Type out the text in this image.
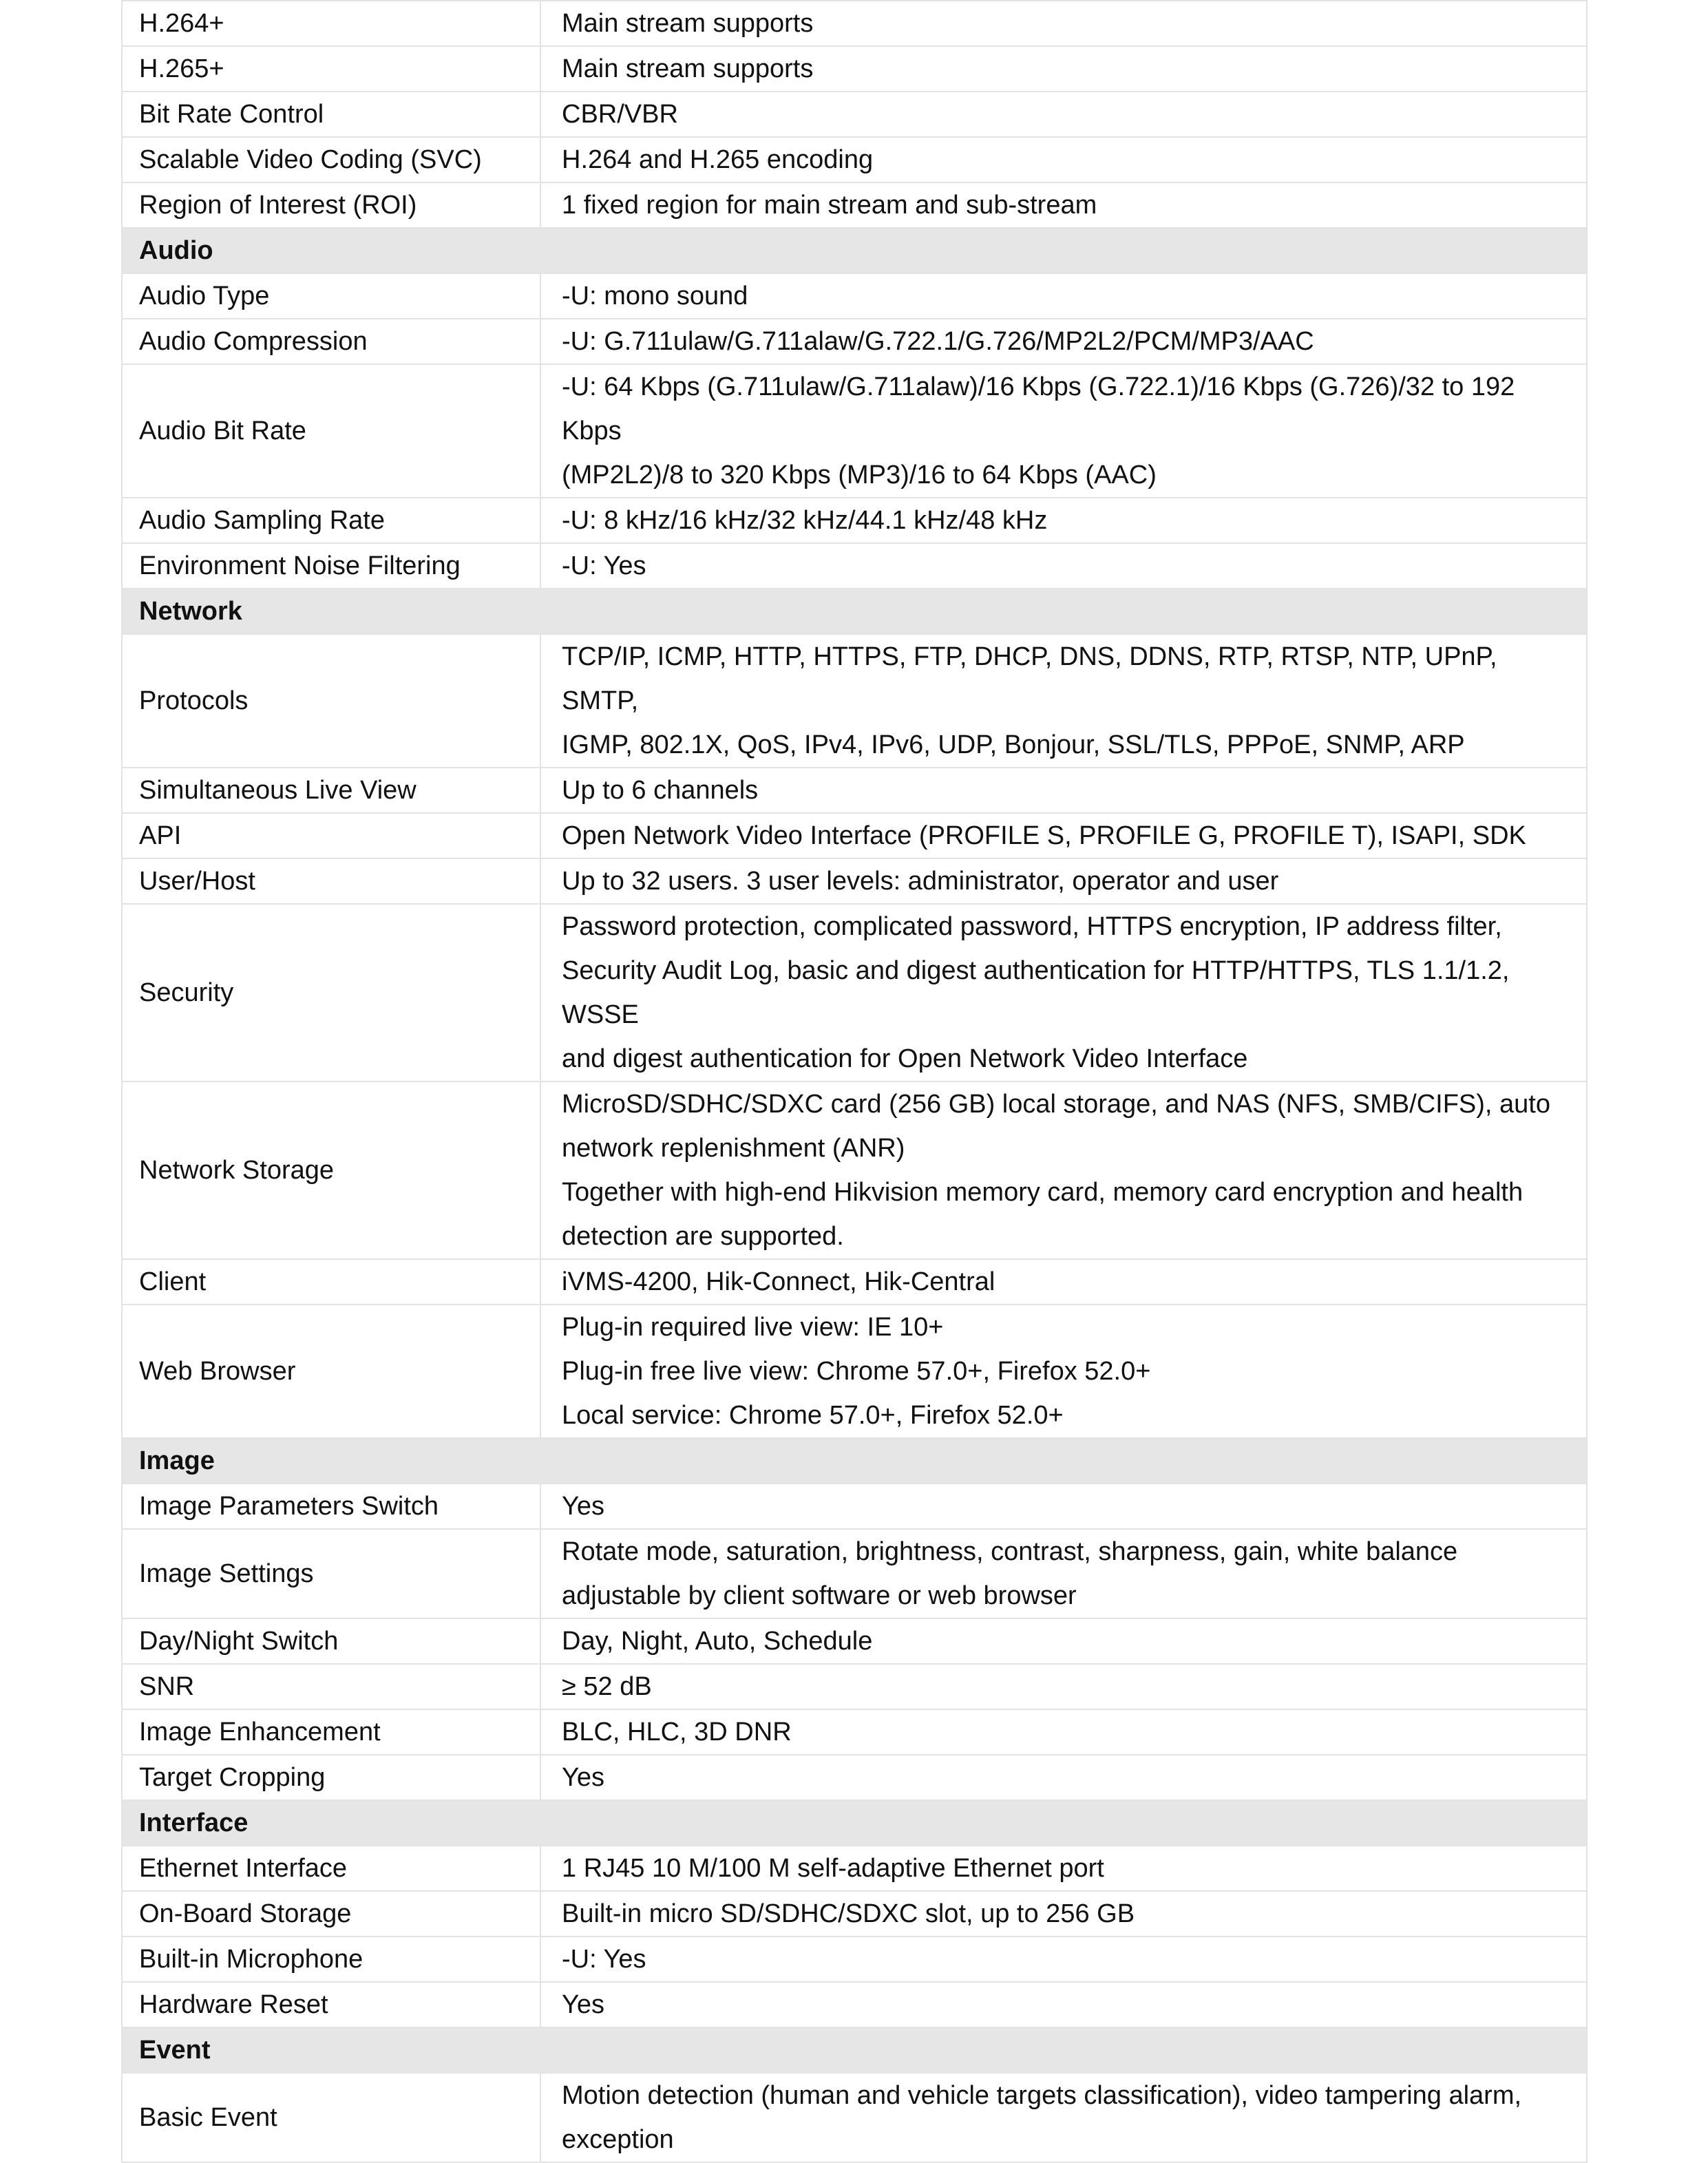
H.264+	Main stream supports

H.265+	Main stream supports

Bit Rate Control	CBR/VBR

Scalable Video Coding (SVC)	H.264 and H.265 encoding

Region of Interest (ROI)	1 fixed region for main stream and sub-stream

Audio	
Audio Type	-U: mono sound

Audio Compression	-U: G.711ulaw/G.711alaw/G.722.1/G.726/MP2L2/PCM/MP3/AAC

Audio Bit Rate	-U: 64 Kbps (G.711ulaw/G.711alaw)/16 Kbps (G.722.1)/16 Kbps (G.726)/32 to 192 Kbps
(MP2L2)/8 to 320 Kbps (MP3)/16 to 64 Kbps (AAC)

Audio Sampling Rate	-U: 8 kHz/16 kHz/32 kHz/44.1 kHz/48 kHz

Environment Noise Filtering	-U: Yes

Network	
Protocols	TCP/IP, ICMP, HTTP, HTTPS, FTP, DHCP, DNS, DDNS, RTP, RTSP, NTP, UPnP, SMTP,
IGMP, 802.1X, QoS, IPv4, IPv6, UDP, Bonjour, SSL/TLS, PPPoE, SNMP, ARP

Simultaneous Live View	Up to 6 channels

API	Open Network Video Interface (PROFILE S, PROFILE G, PROFILE T), ISAPI, SDK

User/Host	Up to 32 users. 3 user levels: administrator, operator and user

Security	Password protection, complicated password, HTTPS encryption, IP address filter,
Security Audit Log, basic and digest authentication for HTTP/HTTPS, TLS 1.1/1.2, WSSE
and digest authentication for Open Network Video Interface

Network Storage	MicroSD/SDHC/SDXC card (256 GB) local storage, and NAS (NFS, SMB/CIFS), auto
network replenishment (ANR)
Together with high-end Hikvision memory card, memory card encryption and health
detection are supported.

Client	iVMS-4200, Hik-Connect, Hik-Central

Web Browser	Plug-in required live view: IE 10+
Plug-in free live view: Chrome 57.0+, Firefox 52.0+
Local service: Chrome 57.0+, Firefox 52.0+

Image	
Image Parameters Switch	Yes

Image Settings	Rotate mode, saturation, brightness, contrast, sharpness, gain, white balance
adjustable by client software or web browser

Day/Night Switch	Day, Night, Auto, Schedule

SNR	≥ 52 dB

Image Enhancement	BLC, HLC, 3D DNR

Target Cropping	Yes

Interface	
Ethernet Interface	1 RJ45 10 M/100 M self-adaptive Ethernet port

On-Board Storage	Built-in micro SD/SDHC/SDXC slot, up to 256 GB

Built-in Microphone	-U: Yes

Hardware Reset	Yes

Event	
Basic Event	Motion detection (human and vehicle targets classification), video tampering alarm,
exception
